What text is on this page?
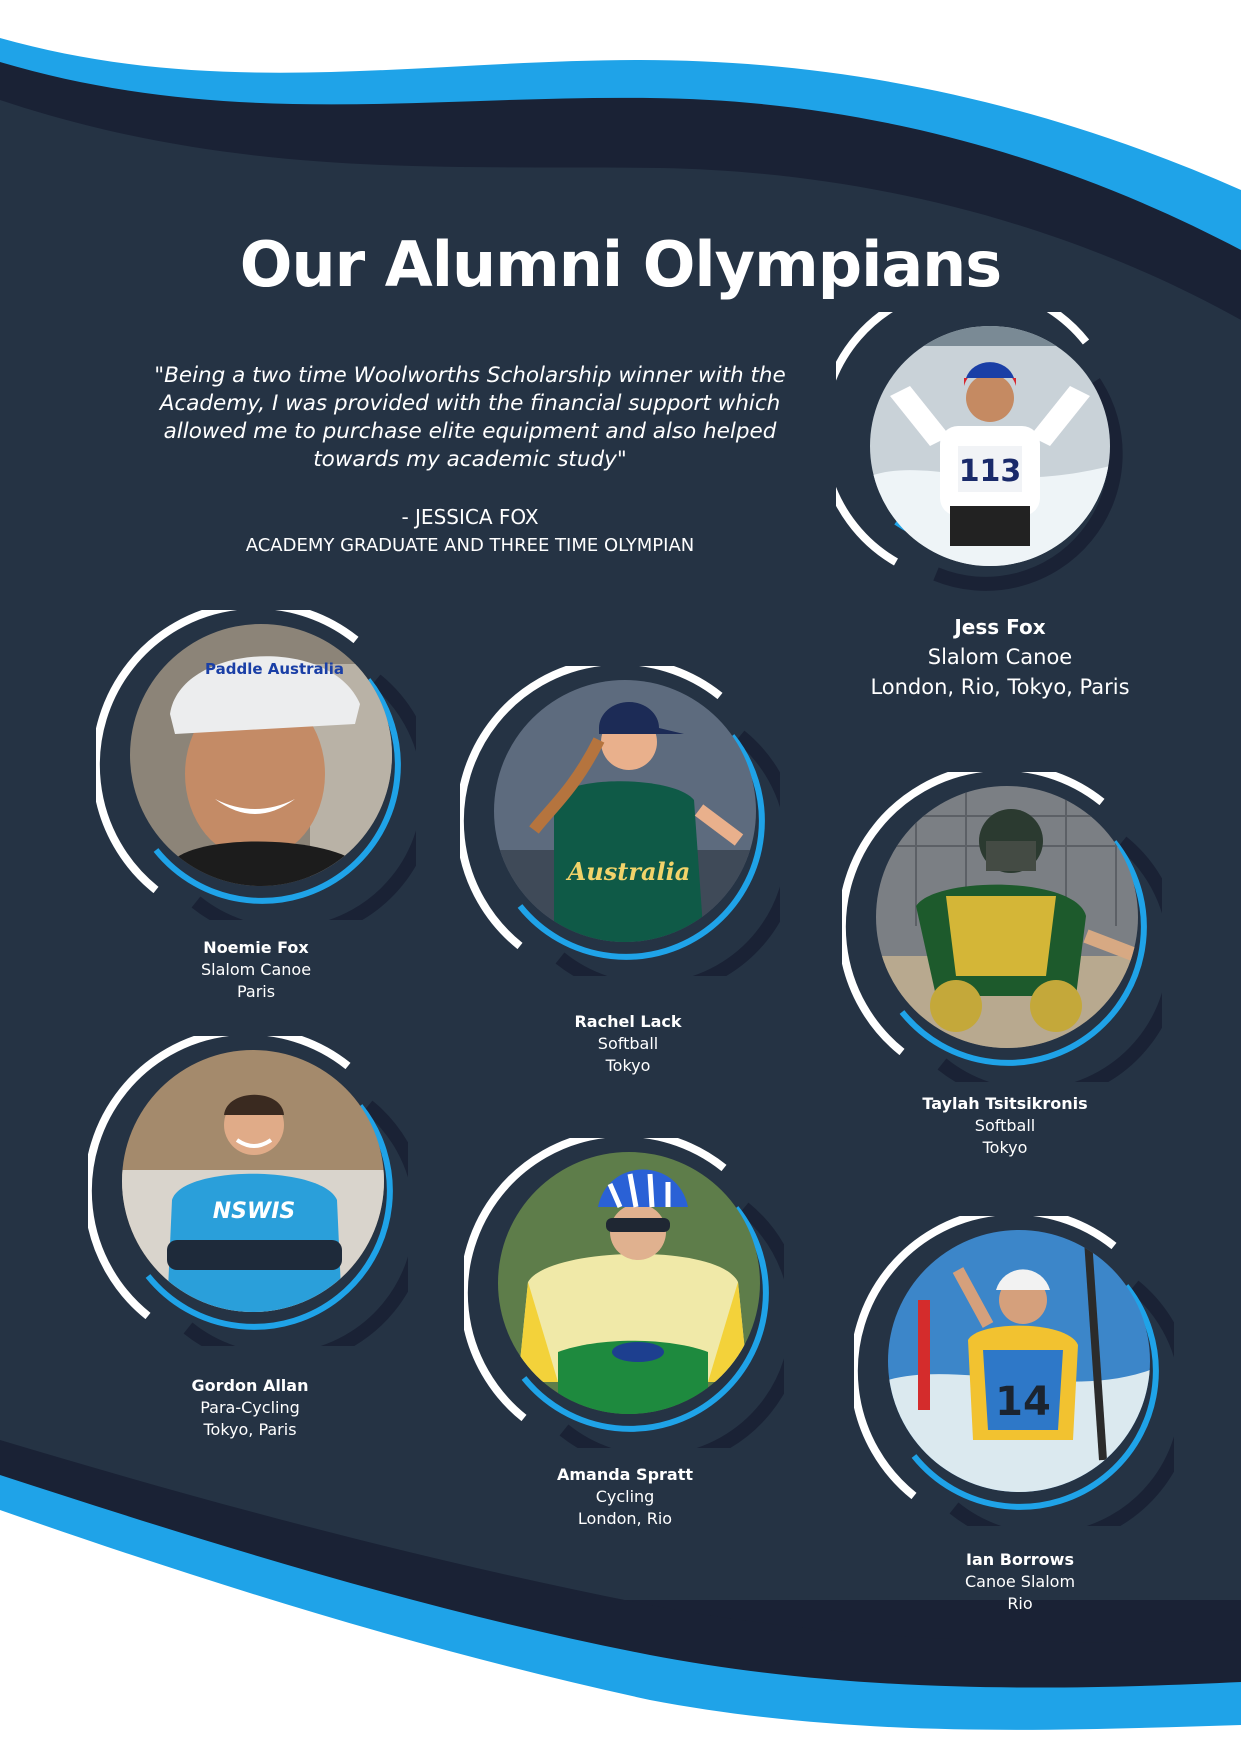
Our Alumni Olympians

"Being a two time Woolworths Scholarship winner with the Academy, I was provided with the financial support which allowed me to purchase elite equipment and also helped towards my academic study"

- JESSICA FOX
ACADEMY GRADUATE AND THREE TIME OLYMPIAN
113
Jess Fox
Slalom Canoe
London, Rio, Tokyo, Paris
Paddle Australia
Noemie Fox
Slalom Canoe
Paris
Australia
Rachel Lack
Softball
Tokyo
Taylah Tsitsikronis
Softball
Tokyo
NSWIS
Gordon Allan
Para-Cycling
Tokyo, Paris
Amanda Spratt
Cycling
London, Rio
14
Ian Borrows
Canoe Slalom
Rio
